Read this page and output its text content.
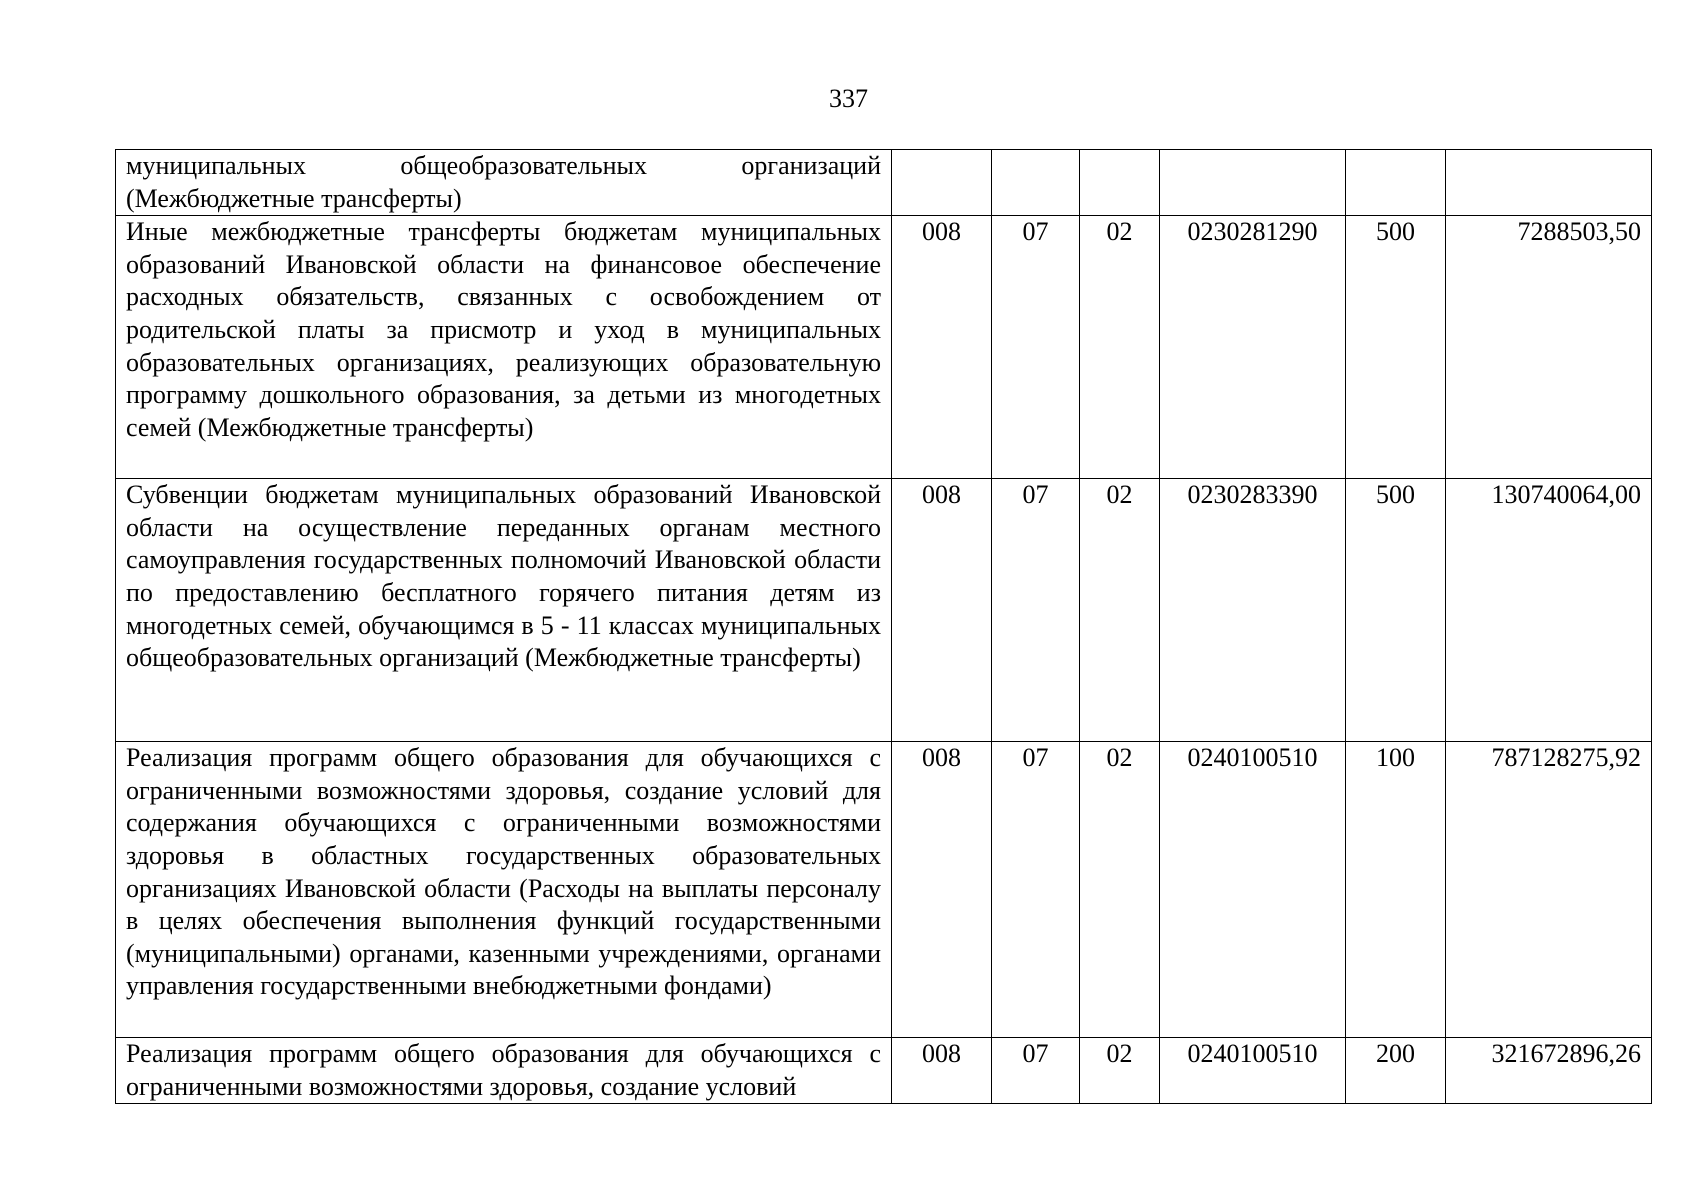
337
муниципальных общеобразовательных организаций (Межбюджетные трансферты)						
Иные межбюджетные трансферты бюджетам муниципальных образований Ивановской области на финансовое обеспечение расходных обязательств, связанных с освобождением от родительской платы за присмотр и уход в муниципальных образовательных организациях, реализующих образовательную программу дошкольного образования, за детьми из многодетных семей (Межбюджетные трансферты)	008	07	02	0230281290	500	7288503,50
Субвенции бюджетам муниципальных образований Ивановской области на осуществление переданных органам местного самоуправления государственных полномочий Ивановской области по предоставлению бесплатного горячего питания детям из многодетных семей, обучающимся в 5 - 11 классах муниципальных общеобразовательных организаций (Межбюджетные трансферты)	008	07	02	0230283390	500	130740064,00
Реализация программ общего образования для обучающихся с ограниченными возможностями здоровья, создание условий для содержания обучающихся с ограниченными возможностями здоровья в областных государственных образовательных организациях Ивановской области (Расходы на выплаты персоналу в целях обеспечения выполнения функций государственными (муниципальными) органами, казенными учреждениями, органами управления государственными внебюджетными фондами)	008	07	02	0240100510	100	787128275,92
Реализация программ общего образования для обучающихся с ограниченными возможностями здоровья, создание условий	008	07	02	0240100510	200	321672896,26
